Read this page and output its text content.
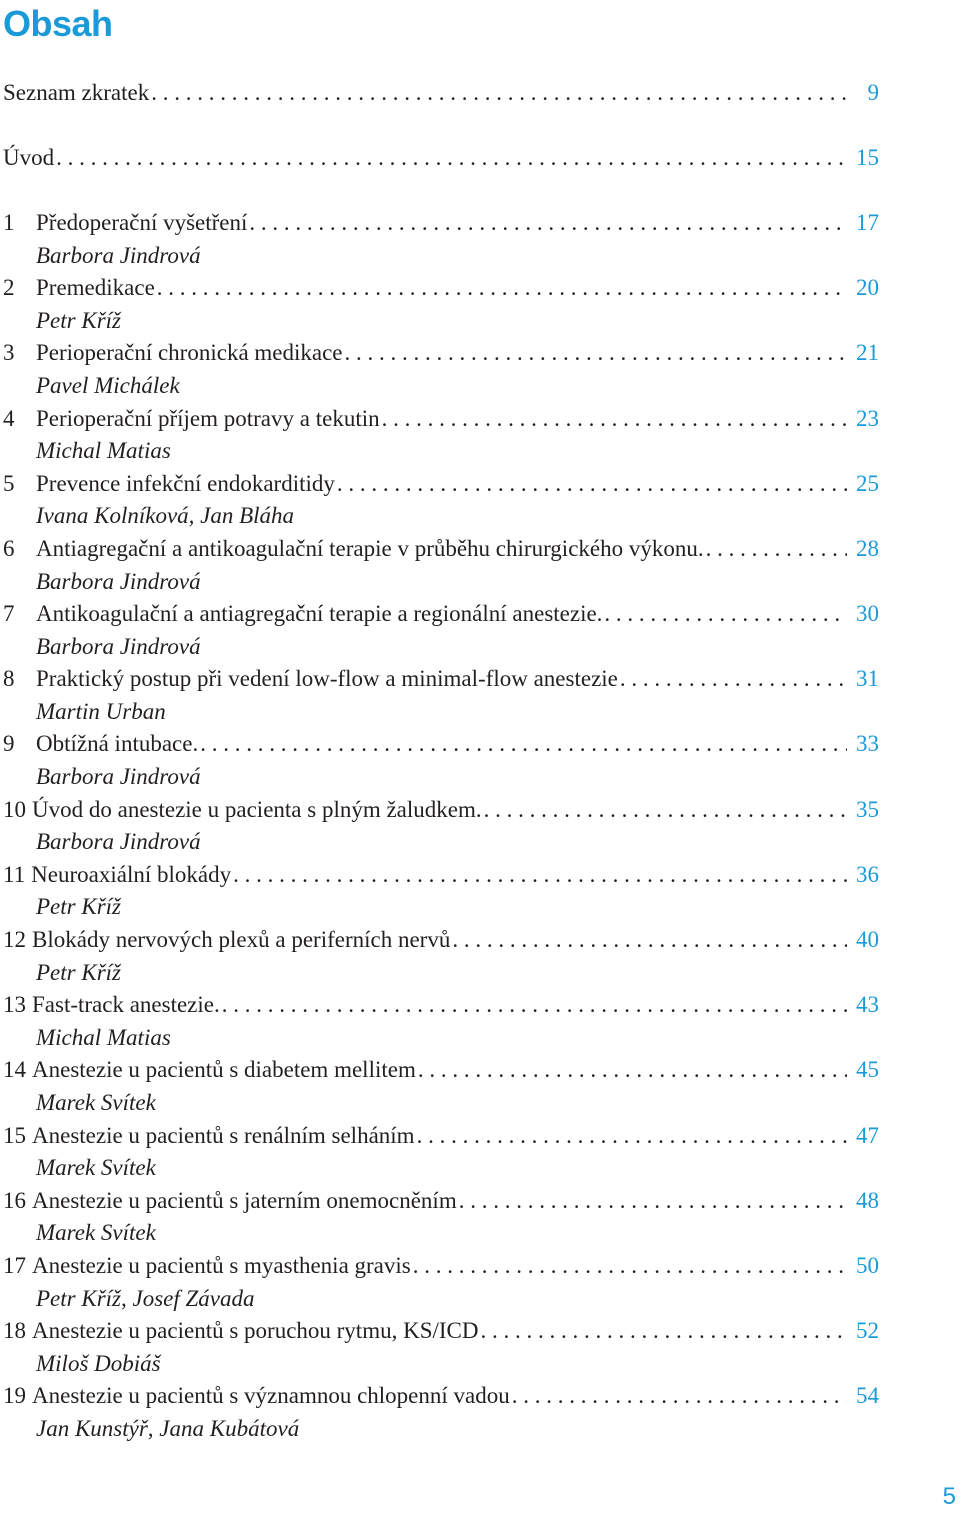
Obsah
Seznam zkratek . . .	9
Úvod . . .	15
1 Předoperační vyšetření . . .	17
Barbora Jindrová
2 Premedikace . . .	20
Petr Kříž
3 Perioperační chronická medikace . . .	21
Pavel Michálek
4 Perioperační příjem potravy a tekutin . . .	23
Michal Matias
5 Prevence infekční endokarditidy . . .	25
Ivana Kolníková, Jan Bláha
6 Antiagregační a antikoagulační terapie v průběhu chirurgického výkonu. . . .	28
Barbora Jindrová
7 Antikoagulační a antiagregační terapie a regionální anestezie. . . .	30
Barbora Jindrová
8 Praktický postup při vedení low-flow a minimal-flow anestezie . . .	31
Martin Urban
9 Obtížná intubace. . . .	33
Barbora Jindrová
10 Úvod do anestezie u pacienta s plným žaludkem. . . .	35
Barbora Jindrová
11 Neuroaxiální blokády . . .	36
Petr Kříž
12 Blokády nervových plexů a periferních nervů . . .	40
Petr Kříž
13 Fast-track anestezie. . . .	43
Michal Matias
14 Anestezie u pacientů s diabetem mellitem . . .	45
Marek Svítek
15 Anestezie u pacientů s renálním selháním . . .	47
Marek Svítek
16 Anestezie u pacientů s jaterním onemocněním . . .	48
Marek Svítek
17 Anestezie u pacientů s myasthenia gravis . . .	50
Petr Kříž, Josef Závada
18 Anestezie u pacientů s poruchou rytmu, KS/ICD . . .	52
Miloš Dobiáš
19 Anestezie u pacientů s významnou chlopenní vadou . . .	54
Jan Kunstýř, Jana Kubátová
5
